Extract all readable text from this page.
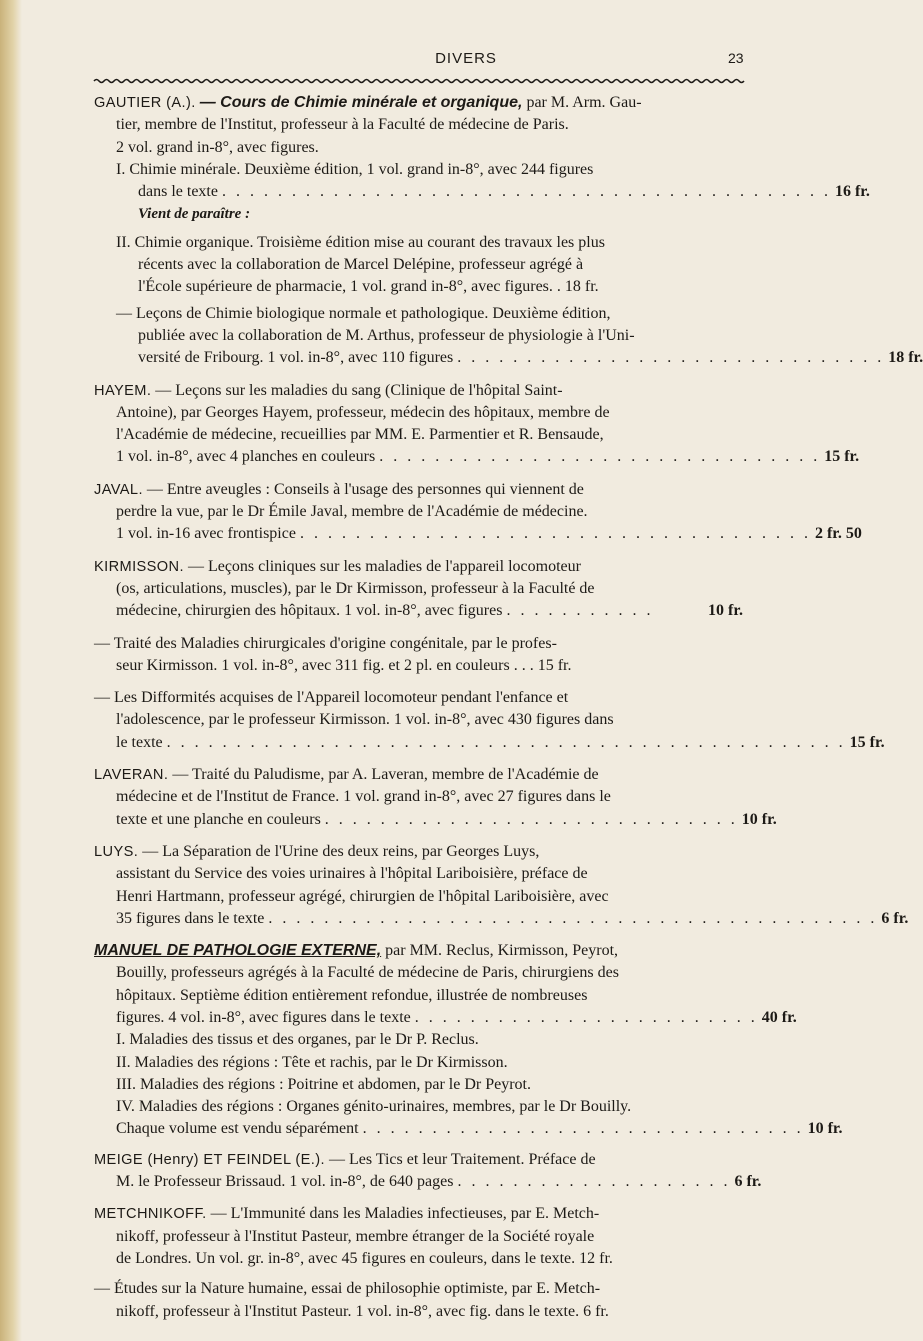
DIVERS	23
GAUTIER (A.). — Cours de Chimie minérale et organique, par M. Arm. Gau-
tier, membre de l'Institut, professeur à la Faculté de médecine de Paris.
2 vol. grand in-8°, avec figures.
I. Chimie minérale. Deuxième édition, 1 vol. grand in-8°, avec 244 figures
dans le texte . . . . . . . . . . . . . . . . . . . . . . . . . . . . . . . . . . . . . . . . . . . . 16 fr.
Vient de paraître :
II. Chimie organique. Troisième édition mise au courant des travaux les plus
récents avec la collaboration de Marcel Delépine, professeur agrégé à
l'École supérieure de pharmacie, 1 vol. grand in-8°, avec figures. . 18 fr.
— Leçons de Chimie biologique normale et pathologique. Deuxième édition,
publiée avec la collaboration de M. Arthus, professeur de physiologie à l'Uni-
versité de Fribourg. 1 vol. in-8°, avec 110 figures . . . . . . . . . . . . . . . . . . . . . . . . . . . . . . . 18 fr.
HAYEM. — Leçons sur les maladies du sang (Clinique de l'hôpital Saint-
Antoine), par Georges Hayem, professeur, médecin des hôpitaux, membre de
l'Académie de médecine, recueillies par MM. E. Parmentier et R. Bensaude,
1 vol. in-8°, avec 4 planches en couleurs . . . . . . . . . . . . . . . . . . . . . . . . . . . . . . . . 15 fr.
JAVAL. — Entre aveugles : Conseils à l'usage des personnes qui viennent de
perdre la vue, par le Dr Émile Javal, membre de l'Académie de médecine.
1 vol. in-16 avec frontispice . . . . . . . . . . . . . . . . . . . . . . . . . . . . . . . . . . . . . 2 fr. 50
KIRMISSON. — Leçons cliniques sur les maladies de l'appareil locomoteur
(os, articulations, muscles), par le Dr Kirmisson, professeur à la Faculté de
médecine, chirurgien des hôpitaux. 1 vol. in-8°, avec figures . . . . . . . . . . .	10 fr.
— Traité des Maladies chirurgicales d'origine congénitale, par le profes-
seur Kirmisson. 1 vol. in-8°, avec 311 fig. et 2 pl. en couleurs . . . 15 fr.
— Les Difformités acquises de l'Appareil locomoteur pendant l'enfance et
l'adolescence, par le professeur Kirmisson. 1 vol. in-8°, avec 430 figures dans
le texte . . . . . . . . . . . . . . . . . . . . . . . . . . . . . . . . . . . . . . . . . . . . . . . . . 15 fr.
LAVERAN. — Traité du Paludisme, par A. Laveran, membre de l'Académie de
médecine et de l'Institut de France. 1 vol. grand in-8°, avec 27 figures dans le
texte et une planche en couleurs . . . . . . . . . . . . . . . . . . . . . . . . . . . . . . 10 fr.
LUYS. — La Séparation de l'Urine des deux reins, par Georges Luys,
assistant du Service des voies urinaires à l'hôpital Lariboisière, préface de
Henri Hartmann, professeur agrégé, chirurgien de l'hôpital Lariboisière, avec
35 figures dans le texte . . . . . . . . . . . . . . . . . . . . . . . . . . . . . . . . . . . . . . . . . . . . 6 fr.
MANUEL DE PATHOLOGIE EXTERNE, par MM. Reclus, Kirmisson, Peyrot,
Bouilly, professeurs agrégés à la Faculté de médecine de Paris, chirurgiens des
hôpitaux. Septième édition entièrement refondue, illustrée de nombreuses
figures. 4 vol. in-8°, avec figures dans le texte . . . . . . . . . . . . . . . . . . . . . . . . . 40 fr.
I. Maladies des tissus et des organes, par le Dr P. Reclus.
II. Maladies des régions : Tête et rachis, par le Dr Kirmisson.
III. Maladies des régions : Poitrine et abdomen, par le Dr Peyrot.
IV. Maladies des régions : Organes génito-urinaires, membres, par le Dr Bouilly.
Chaque volume est vendu séparément . . . . . . . . . . . . . . . . . . . . . . . . . . . . . . . . 10 fr.
MEIGE (Henry) ET FEINDEL (E.). — Les Tics et leur Traitement. Préface de
M. le Professeur Brissaud. 1 vol. in-8°, de 640 pages . . . . . . . . . . . . . . . . . . . . 6 fr.
METCHNIKOFF. — L'Immunité dans les Maladies infectieuses, par E. Metch-
nikoff, professeur à l'Institut Pasteur, membre étranger de la Société royale
de Londres. Un vol. gr. in-8°, avec 45 figures en couleurs, dans le texte. 12 fr.
— Études sur la Nature humaine, essai de philosophie optimiste, par E. Metch-
nikoff, professeur à l'Institut Pasteur. 1 vol. in-8°, avec fig. dans le texte. 6 fr.
